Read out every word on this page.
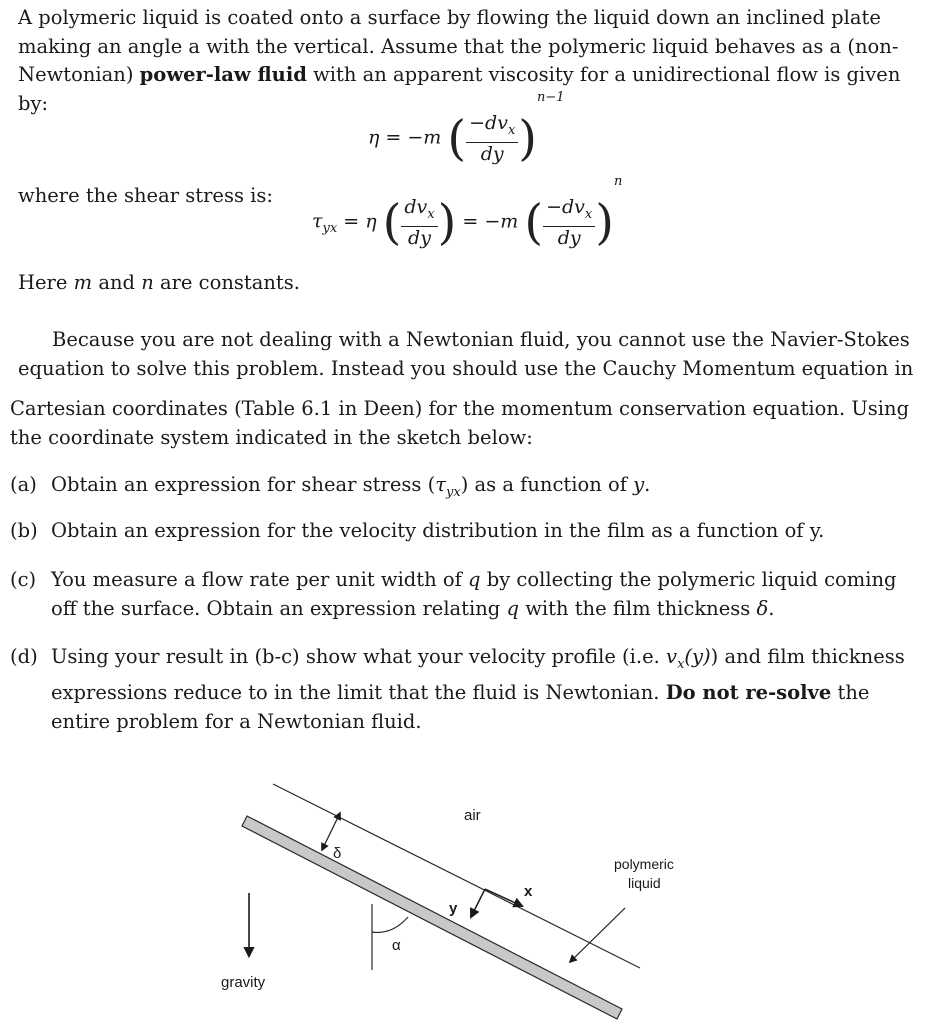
A polymeric liquid is coated onto a surface by flowing the liquid down an inclined plate
making an angle a with the vertical. Assume that the polymeric liquid behaves as a (non-
Newtonian) power-law fluid with an apparent viscosity for a unidirectional flow is given
by:

η = −m ( $\frac{-dv_x}{dy} )^{n-1}$

where the shear stress is:

$\tau_{yx} = \eta$ ( $\frac{dv_x}{dy}$ ) = −m ( $\frac{-dv_x}{dy} )^n$

Here m and n are constants.

Because you are not dealing with a Newtonian fluid, you cannot use the Navier-Stokes
equation to solve this problem. Instead you should use the Cauchy Momentum equation in

Cartesian coordinates (Table 6.1 in Deen) for the momentum conservation equation. Using
the coordinate system indicated in the sketch below:

(a) Obtain an expression for shear stress $(\tau_{yx})$ as a function of y.
(b) Obtain an expression for the velocity distribution in the film as a function of y.
(c) You measure a flow rate per unit width of q by collecting the polymeric liquid coming
off the surface. Obtain an expression relating q with the film thickness δ.
(d) Using your result in (b-c) show what your velocity profile (i.e. $v_x(y)$) and film thickness
expressions reduce to in the limit that the fluid is Newtonian. Do not re-solve the
entire problem for a Newtonian fluid.
δ
air
x
y
polymeric
liquid
α
gravity
